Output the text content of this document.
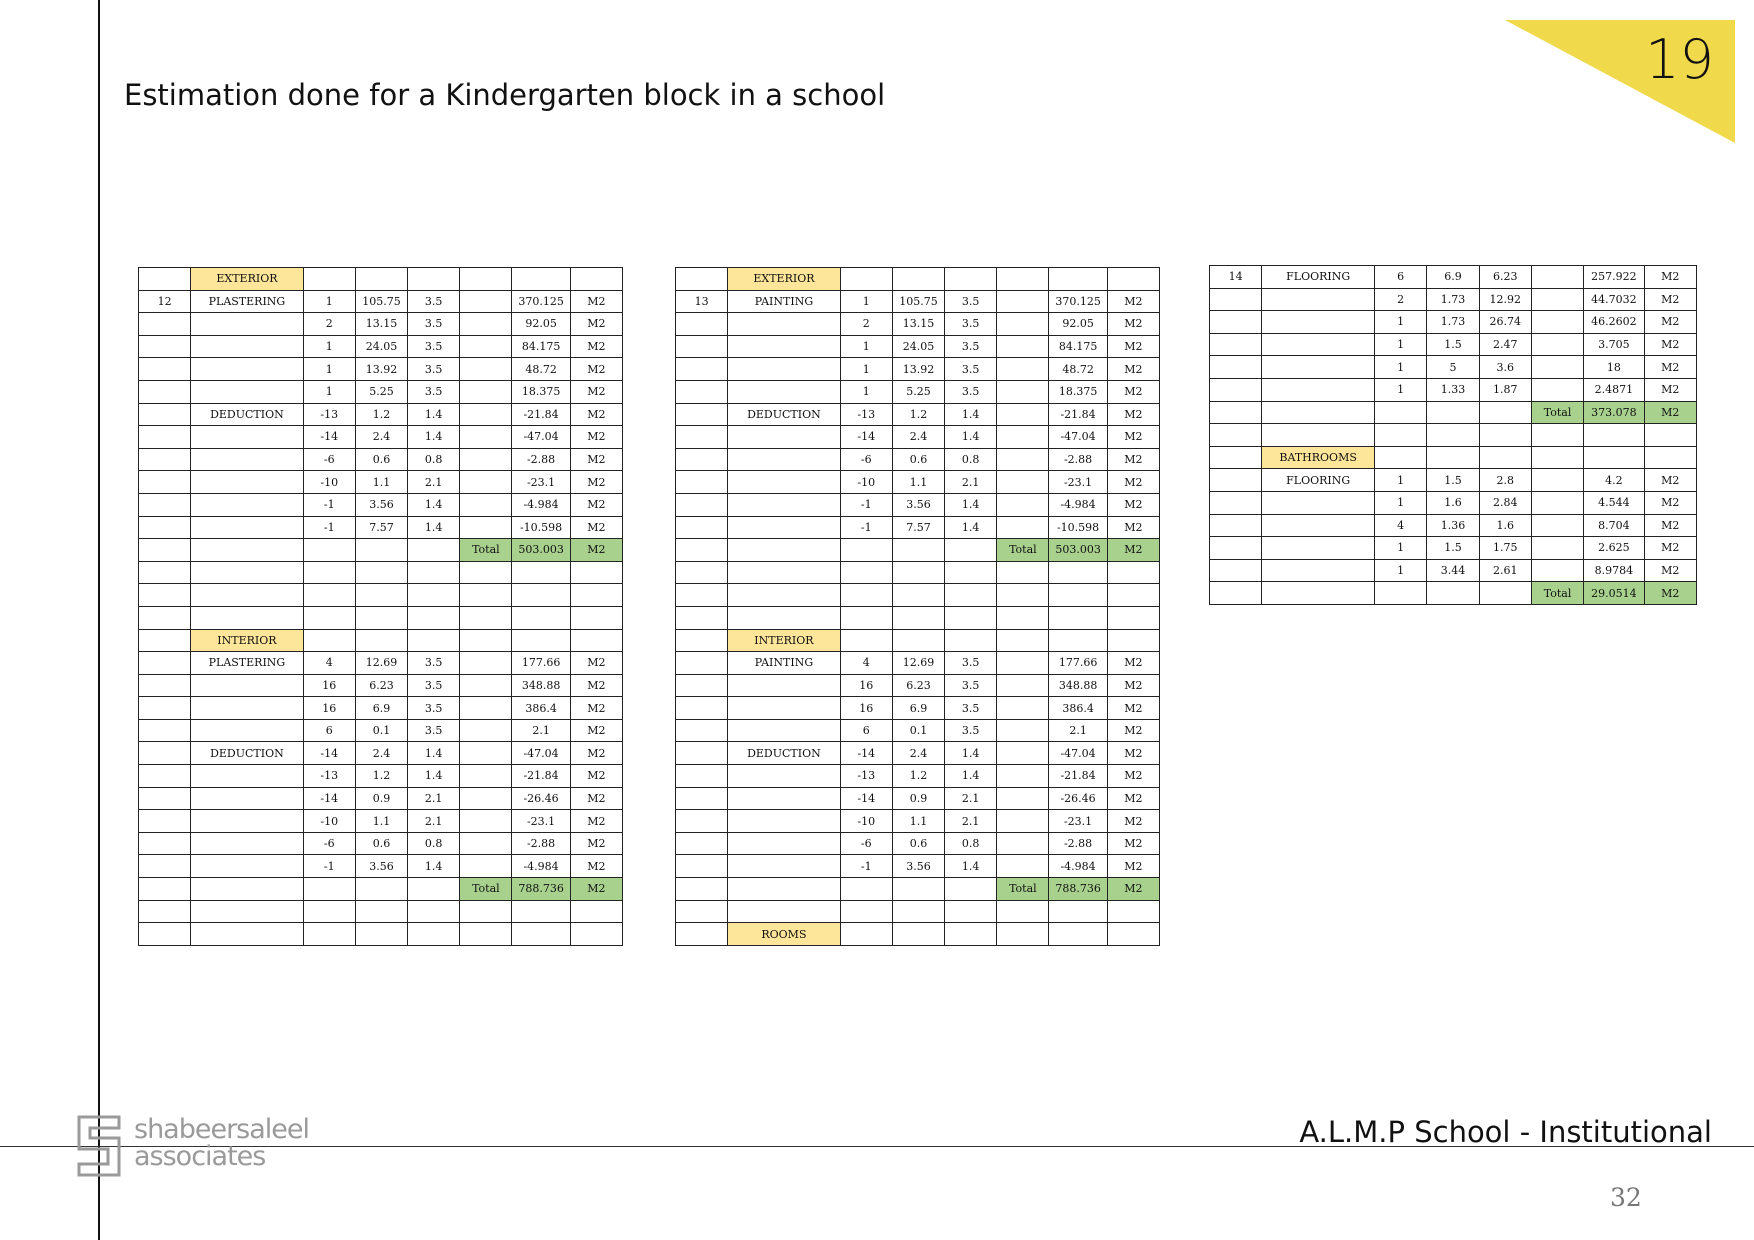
19
Estimation done for a Kindergarten block in a school
	EXTERIOR						
12	PLASTERING	1	105.75	3.5		370.125	M2
		2	13.15	3.5		92.05	M2
		1	24.05	3.5		84.175	M2
		1	13.92	3.5		48.72	M2
		1	5.25	3.5		18.375	M2
	DEDUCTION	-13	1.2	1.4		-21.84	M2
		-14	2.4	1.4		-47.04	M2
		-6	0.6	0.8		-2.88	M2
		-10	1.1	2.1		-23.1	M2
		-1	3.56	1.4		-4.984	M2
		-1	7.57	1.4		-10.598	M2
					Total	503.003	M2

	INTERIOR						
	PLASTERING	4	12.69	3.5		177.66	M2
		16	6.23	3.5		348.88	M2
		16	6.9	3.5		386.4	M2
		6	0.1	3.5		2.1	M2
	DEDUCTION	-14	2.4	1.4		-47.04	M2
		-13	1.2	1.4		-21.84	M2
		-14	0.9	2.1		-26.46	M2
		-10	1.1	2.1		-23.1	M2
		-6	0.6	0.8		-2.88	M2
		-1	3.56	1.4		-4.984	M2
					Total	788.736	M2

	EXTERIOR						
13	PAINTING	1	105.75	3.5		370.125	M2
		2	13.15	3.5		92.05	M2
		1	24.05	3.5		84.175	M2
		1	13.92	3.5		48.72	M2
		1	5.25	3.5		18.375	M2
	DEDUCTION	-13	1.2	1.4		-21.84	M2
		-14	2.4	1.4		-47.04	M2
		-6	0.6	0.8		-2.88	M2
		-10	1.1	2.1		-23.1	M2
		-1	3.56	1.4		-4.984	M2
		-1	7.57	1.4		-10.598	M2
					Total	503.003	M2

	INTERIOR						
	PAINTING	4	12.69	3.5		177.66	M2
		16	6.23	3.5		348.88	M2
		16	6.9	3.5		386.4	M2
		6	0.1	3.5		2.1	M2
	DEDUCTION	-14	2.4	1.4		-47.04	M2
		-13	1.2	1.4		-21.84	M2
		-14	0.9	2.1		-26.46	M2
		-10	1.1	2.1		-23.1	M2
		-6	0.6	0.8		-2.88	M2
		-1	3.56	1.4		-4.984	M2
					Total	788.736	M2

	ROOMS						
14	FLOORING	6	6.9	6.23		257.922	M2
		2	1.73	12.92		44.7032	M2
		1	1.73	26.74		46.2602	M2
		1	1.5	2.47		3.705	M2
		1	5	3.6		18	M2
		1	1.33	1.87		2.4871	M2
					Total	373.078	M2

	BATHROOMS						
	FLOORING	1	1.5	2.8		4.2	M2
		1	1.6	2.84		4.544	M2
		4	1.36	1.6		8.704	M2
		1	1.5	1.75		2.625	M2
		1	3.44	2.61		8.9784	M2
					Total	29.0514	M2
shabeersaleel
associates
A.L.M.P School - Institutional
32
